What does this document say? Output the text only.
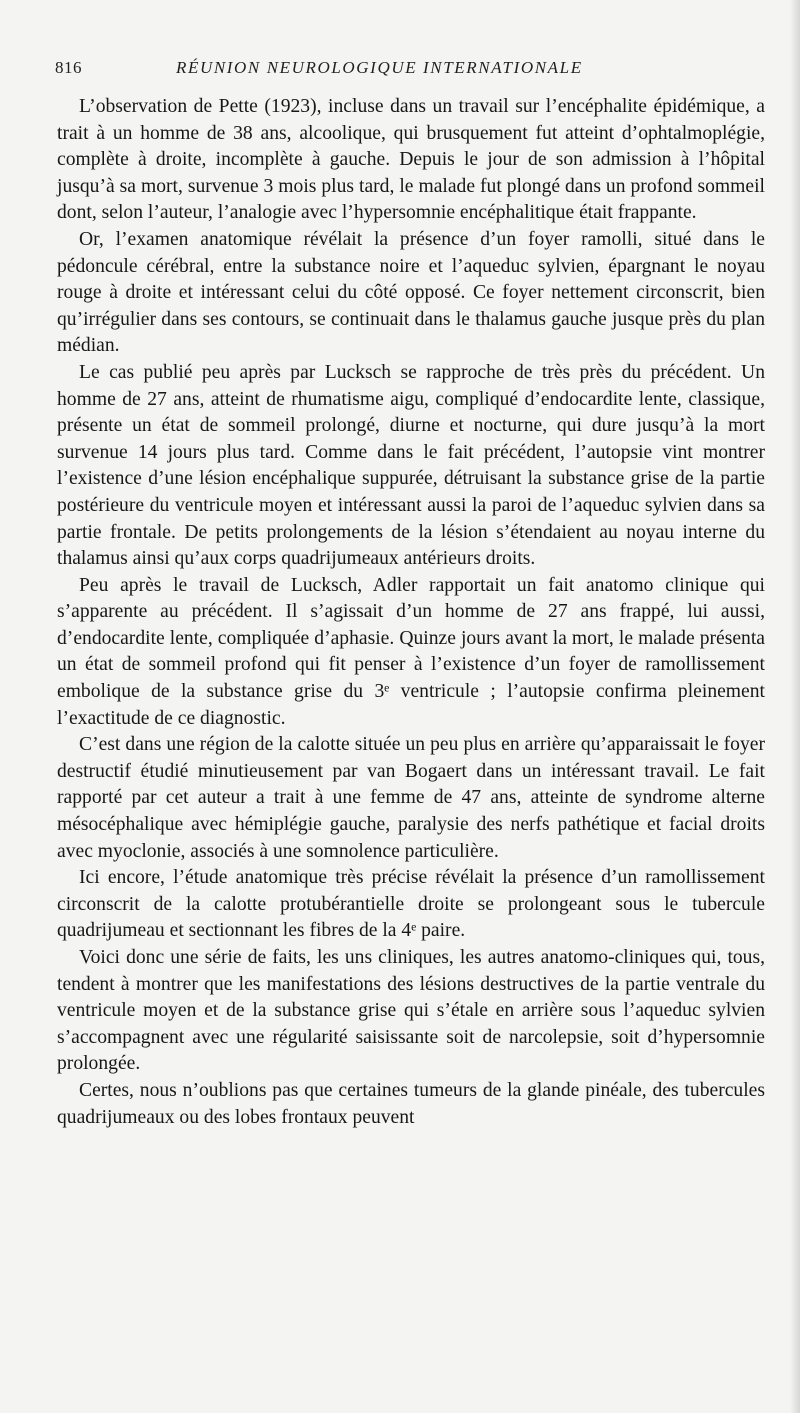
816	RÉUNION NEUROLOGIQUE INTERNATIONALE

L’observation de Pette (1923), incluse dans un travail sur l’encéphalite épidémique, a trait à un homme de 38 ans, alcoolique, qui brusquement fut atteint d’ophtalmoplégie, complète à droite, incomplète à gauche. Depuis le jour de son admission à l’hôpital jusqu’à sa mort, survenue 3 mois plus tard, le malade fut plongé dans un profond sommeil dont, selon l’auteur, l’analogie avec l’hypersomnie encéphalitique était frappante.

Or, l’examen anatomique révélait la présence d’un foyer ramolli, situé dans le pédoncule cérébral, entre la substance noire et l’aqueduc sylvien, épargnant le noyau rouge à droite et intéressant celui du côté opposé. Ce foyer nettement circonscrit, bien qu’irrégulier dans ses contours, se continuait dans le thalamus gauche jusque près du plan médian.

Le cas publié peu après par Lucksch se rapproche de très près du précédent. Un homme de 27 ans, atteint de rhumatisme aigu, compliqué d’endocardite lente, classique, présente un état de sommeil prolongé, diurne et nocturne, qui dure jusqu’à la mort survenue 14 jours plus tard. Comme dans le fait précédent, l’autopsie vint montrer l’existence d’une lésion encéphalique suppurée, détruisant la substance grise de la partie postérieure du ventricule moyen et intéressant aussi la paroi de l’aqueduc sylvien dans sa partie frontale. De petits prolongements de la lésion s’étendaient au noyau interne du thalamus ainsi qu’aux corps quadrijumeaux antérieurs droits.

Peu après le travail de Lucksch, Adler rapportait un fait anatomo clinique qui s’apparente au précédent. Il s’agissait d’un homme de 27 ans frappé, lui aussi, d’endocardite lente, compliquée d’aphasie. Quinze jours avant la mort, le malade présenta un état de sommeil profond qui fit penser à l’existence d’un foyer de ramollissement embolique de la substance grise du 3ᵉ ventricule ; l’autopsie confirma pleinement l’exactitude de ce diagnostic.

C’est dans une région de la calotte située un peu plus en arrière qu’apparaissait le foyer destructif étudié minutieusement par van Bogaert dans un intéressant travail. Le fait rapporté par cet auteur a trait à une femme de 47 ans, atteinte de syndrome alterne mésocéphalique avec hémiplégie gauche, paralysie des nerfs pathétique et facial droits avec myoclonie, associés à une somnolence particulière.

Ici encore, l’étude anatomique très précise révélait la présence d’un ramollissement circonscrit de la calotte protubérantielle droite se prolongeant sous le tubercule quadrijumeau et sectionnant les fibres de la 4ᵉ paire.

Voici donc une série de faits, les uns cliniques, les autres anatomo-cliniques qui, tous, tendent à montrer que les manifestations des lésions destructives de la partie ventrale du ventricule moyen et de la substance grise qui s’étale en arrière sous l’aqueduc sylvien s’accompagnent avec une régularité saisissante soit de narcolepsie, soit d’hypersomnie prolongée.

Certes, nous n’oublions pas que certaines tumeurs de la glande pinéale, des tubercules quadrijumeaux ou des lobes frontaux peuvent
